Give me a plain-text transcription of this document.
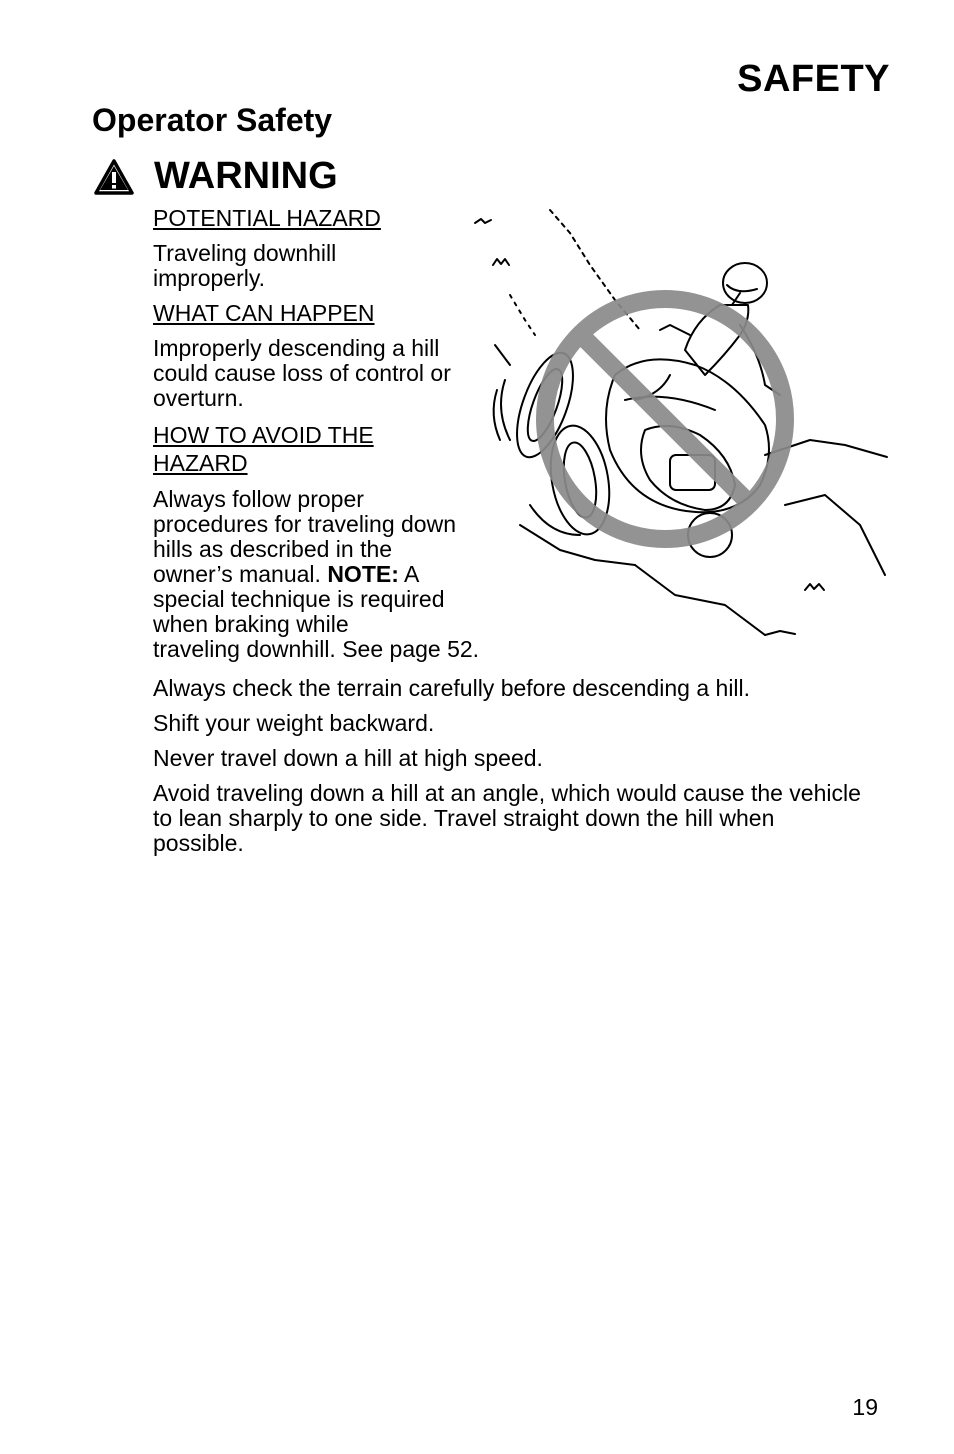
SAFETY
Operator Safety
WARNING

POTENTIAL HAZARD

Traveling downhill improperly.

WHAT CAN HAPPEN

Improperly descending a hill could cause loss of control or overturn.

HOW TO AVOID THE HAZARD

Always follow proper procedures for traveling down hills as described in the owner’s manual. NOTE: A special technique is required when braking while
traveling downhill. See page 52.

Always check the terrain carefully before descending a hill.

Shift your weight backward.

Never travel down a hill at high speed.

Avoid traveling down a hill at an angle, which would cause the vehicle to lean sharply to one side. Travel straight down the hill when possible.

19
